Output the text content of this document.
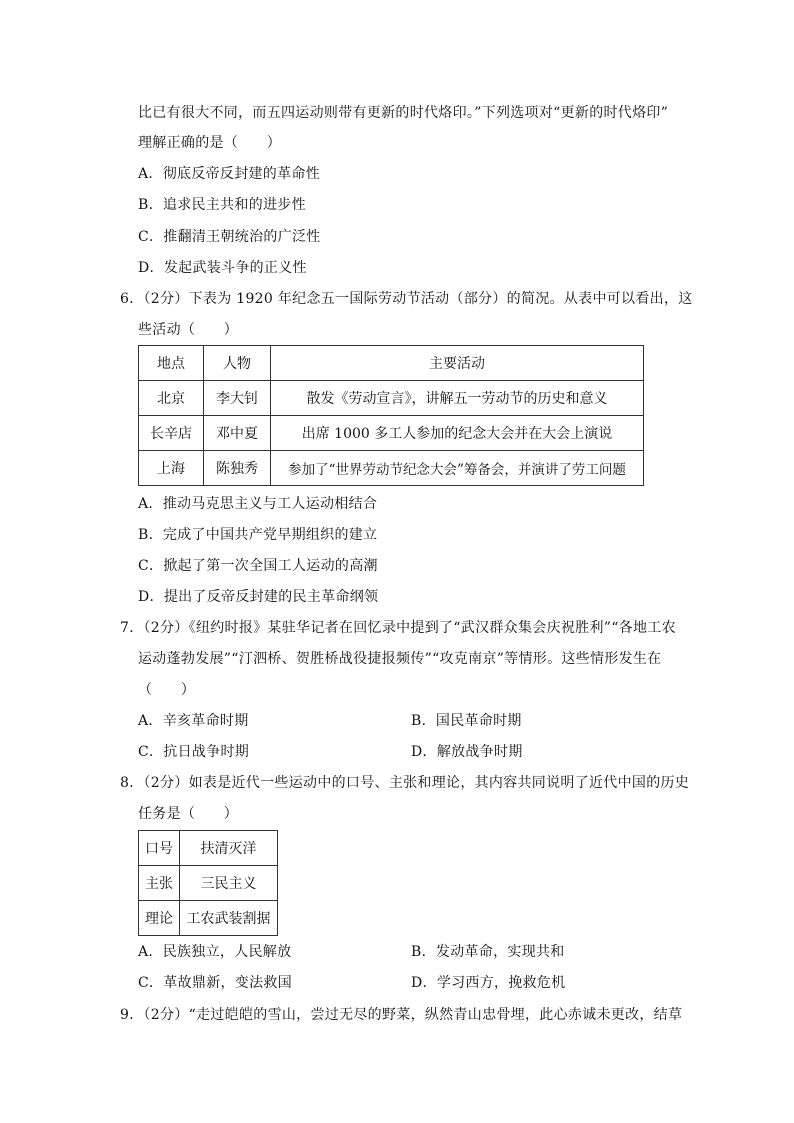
比已有很大不同，而五四运动则带有更新的时代烙印。”下列选项对“更新的时代烙印”
理解正确的是（　　）
A．彻底反帝反封建的革命性
B．追求民主共和的进步性
C．推翻清王朝统治的广泛性
D．发起武装斗争的正义性
6．（2分）下表为 1920 年纪念五一国际劳动节活动（部分）的简况。从表中可以看出，这
些活动（　　）
地点	人物	主要活动
北京	李大钊	散发《劳动宣言》，讲解五一劳动节的历史和意义
长辛店	邓中夏	出席 1000 多工人参加的纪念大会并在大会上演说
上海	陈独秀	参加了“世界劳动节纪念大会”筹备会，并演讲了劳工问题
A．推动马克思主义与工人运动相结合
B．完成了中国共产党早期组织的建立
C．掀起了第一次全国工人运动的高潮
D．提出了反帝反封建的民主革命纲领
7．（2分）《纽约时报》某驻华记者在回忆录中提到了“武汉群众集会庆祝胜利”“各地工农
运动蓬勃发展”“汀泗桥、贺胜桥战役捷报频传”“攻克南京”等情形。这些情形发生在
（　　）
A．辛亥革命时期	B．国民革命时期
C．抗日战争时期	D．解放战争时期
8．（2分）如表是近代一些运动中的口号、主张和理论，其内容共同说明了近代中国的历史
任务是（　　）
口号	扶清灭洋
主张	三民主义
理论	工农武装割据
A．民族独立，人民解放	B．发动革命，实现共和
C．革故鼎新，变法救国	D．学习西方，挽救危机
9．（2分）“走过皑皑的雪山，尝过无尽的野菜，纵然青山忠骨埋，此心赤诚未更改，结草
